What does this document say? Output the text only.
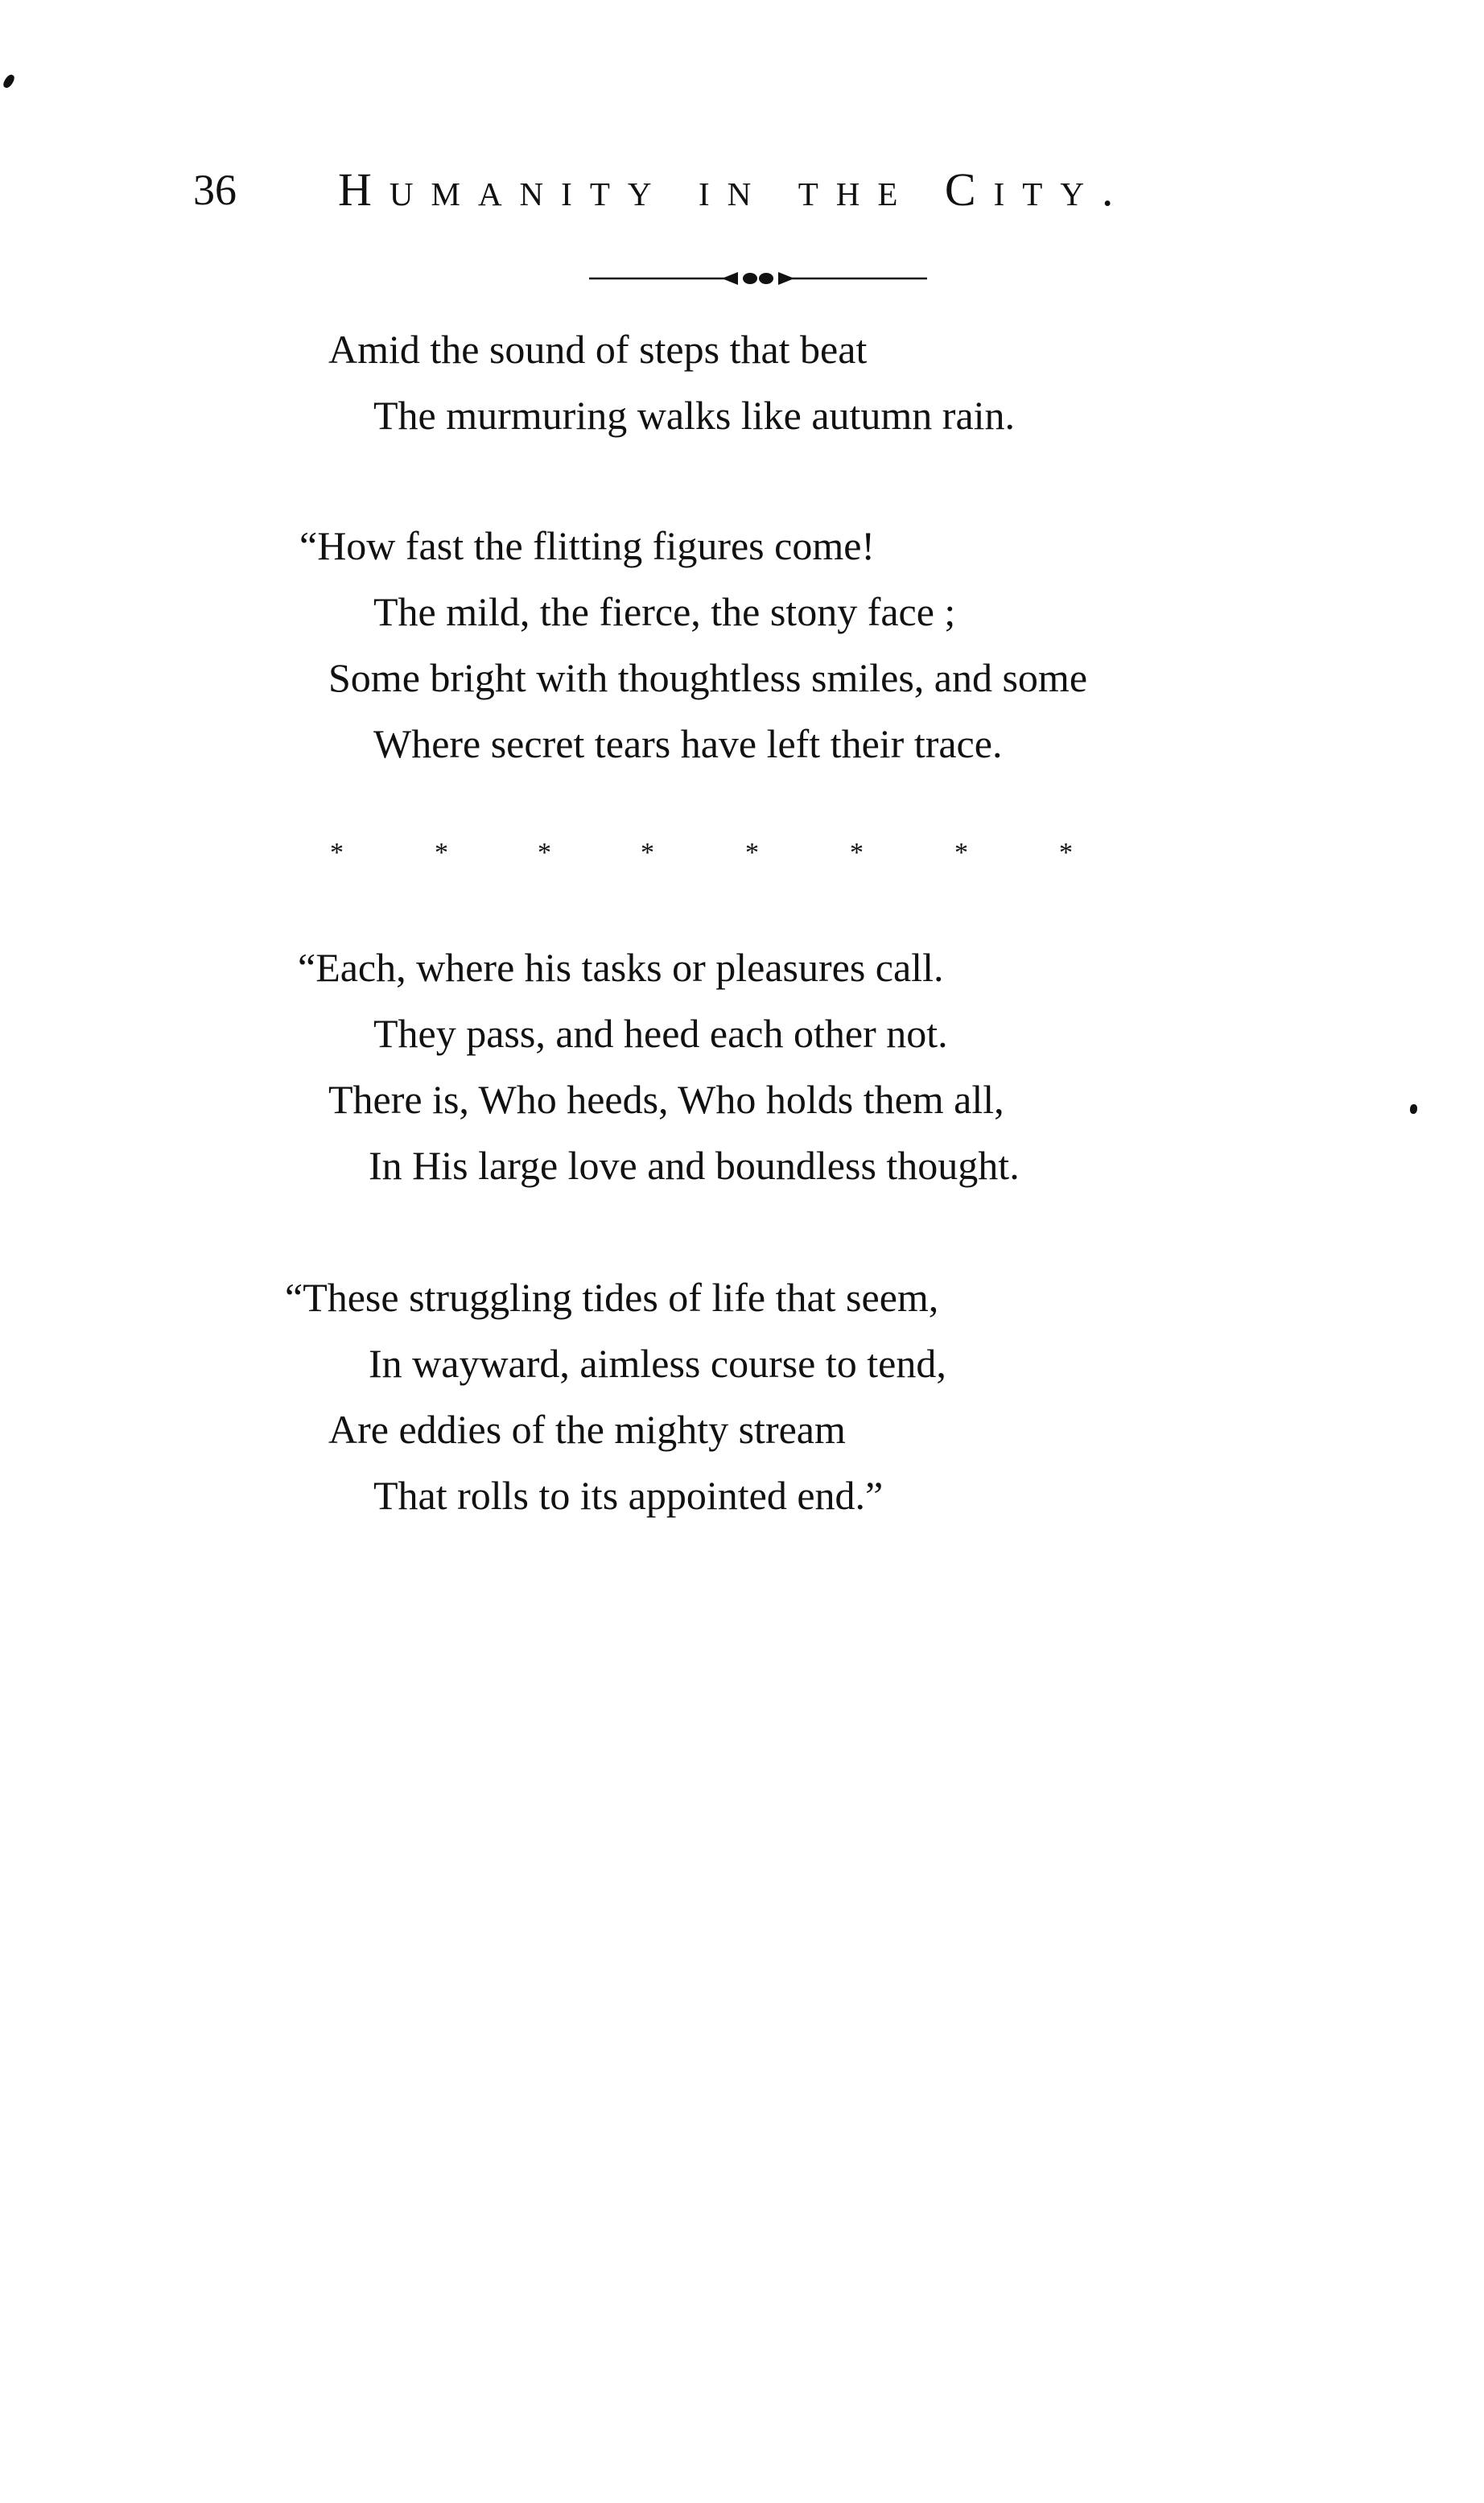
36 Humanity in the City.
Amid the sound of steps that beat
The murmuring walks like autumn rain.
“How fast the flitting figures come!
The mild, the fierce, the stony face ;
Some bright with thoughtless smiles, and some
Where secret tears have left their trace.
*	*	*	*	*	*	*	*
“Each, where his tasks or pleasures call.
They pass, and heed each other not.
There is, Who heeds, Who holds them all,
In His large love and boundless thought.
“These struggling tides of life that seem,
In wayward, aimless course to tend,
Are eddies of the mighty stream
That rolls to its appointed end.”
